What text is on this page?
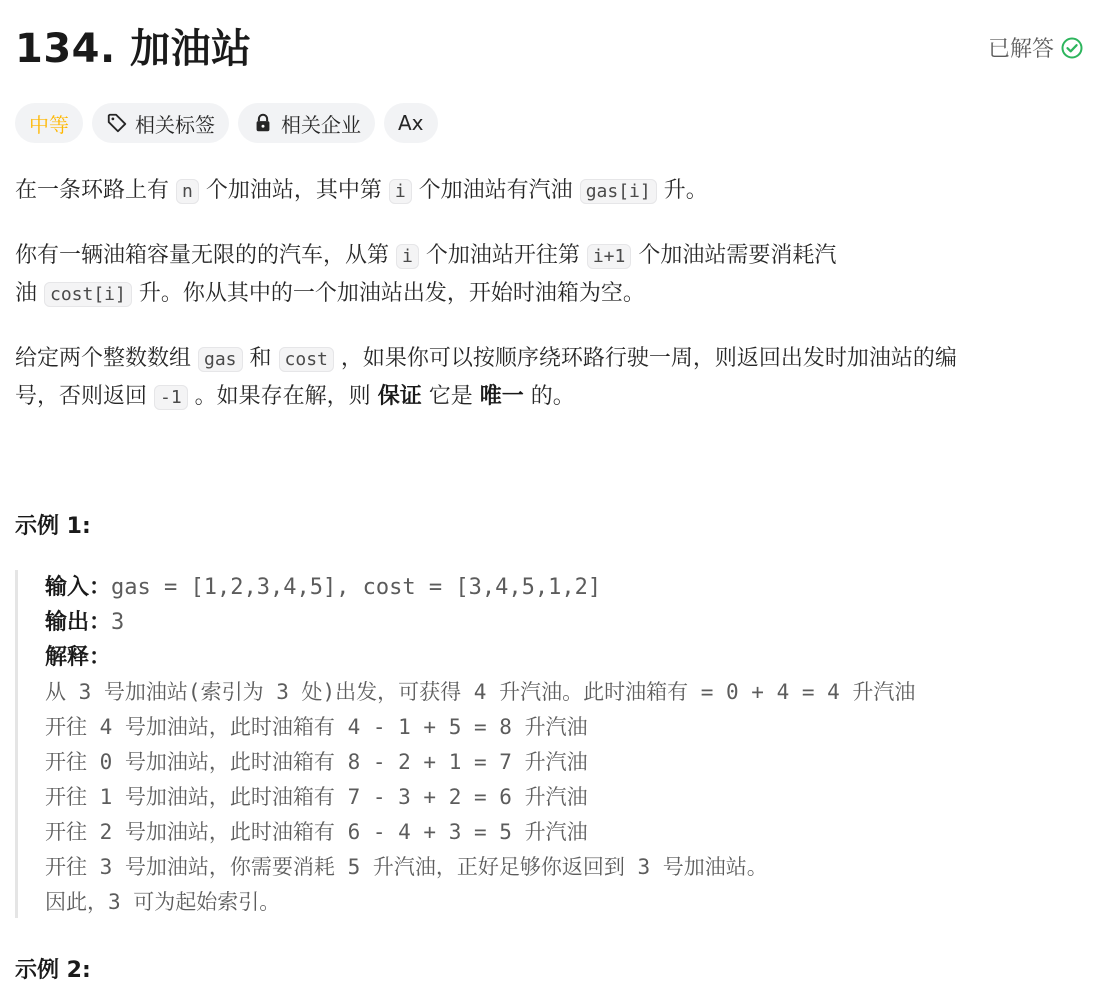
134. 加油站	已解答
中等	相关标签	相关企业 Ax

在一条环路上有 n 个加油站，其中第 i 个加油站有汽油 gas[i] 升。

你有一辆油箱容量无限的的汽车，从第 i 个加油站开往第 i+1 个加油站需要消耗汽
油 cost[i] 升。你从其中的一个加油站出发，开始时油箱为空。

给定两个整数数组 gas 和 cost ，如果你可以按顺序绕环路行驶一周，则返回出发时加油站的编
号，否则返回 -1 。如果存在解，则 保证 它是 唯一 的。

示例 1:
输入：gas = [1,2,3,4,5], cost = [3,4,5,1,2]
输出：3
解释：
从 3 号加油站(索引为 3 处)出发，可获得 4 升汽油。此时油箱有 = 0 + 4 = 4 升汽油
开往 4 号加油站，此时油箱有 4 - 1 + 5 = 8 升汽油
开往 0 号加油站，此时油箱有 8 - 2 + 1 = 7 升汽油
开往 1 号加油站，此时油箱有 7 - 3 + 2 = 6 升汽油
开往 2 号加油站，此时油箱有 6 - 4 + 3 = 5 升汽油
开往 3 号加油站，你需要消耗 5 升汽油，正好足够你返回到 3 号加油站。
因此，3 可为起始索引。
示例 2:
